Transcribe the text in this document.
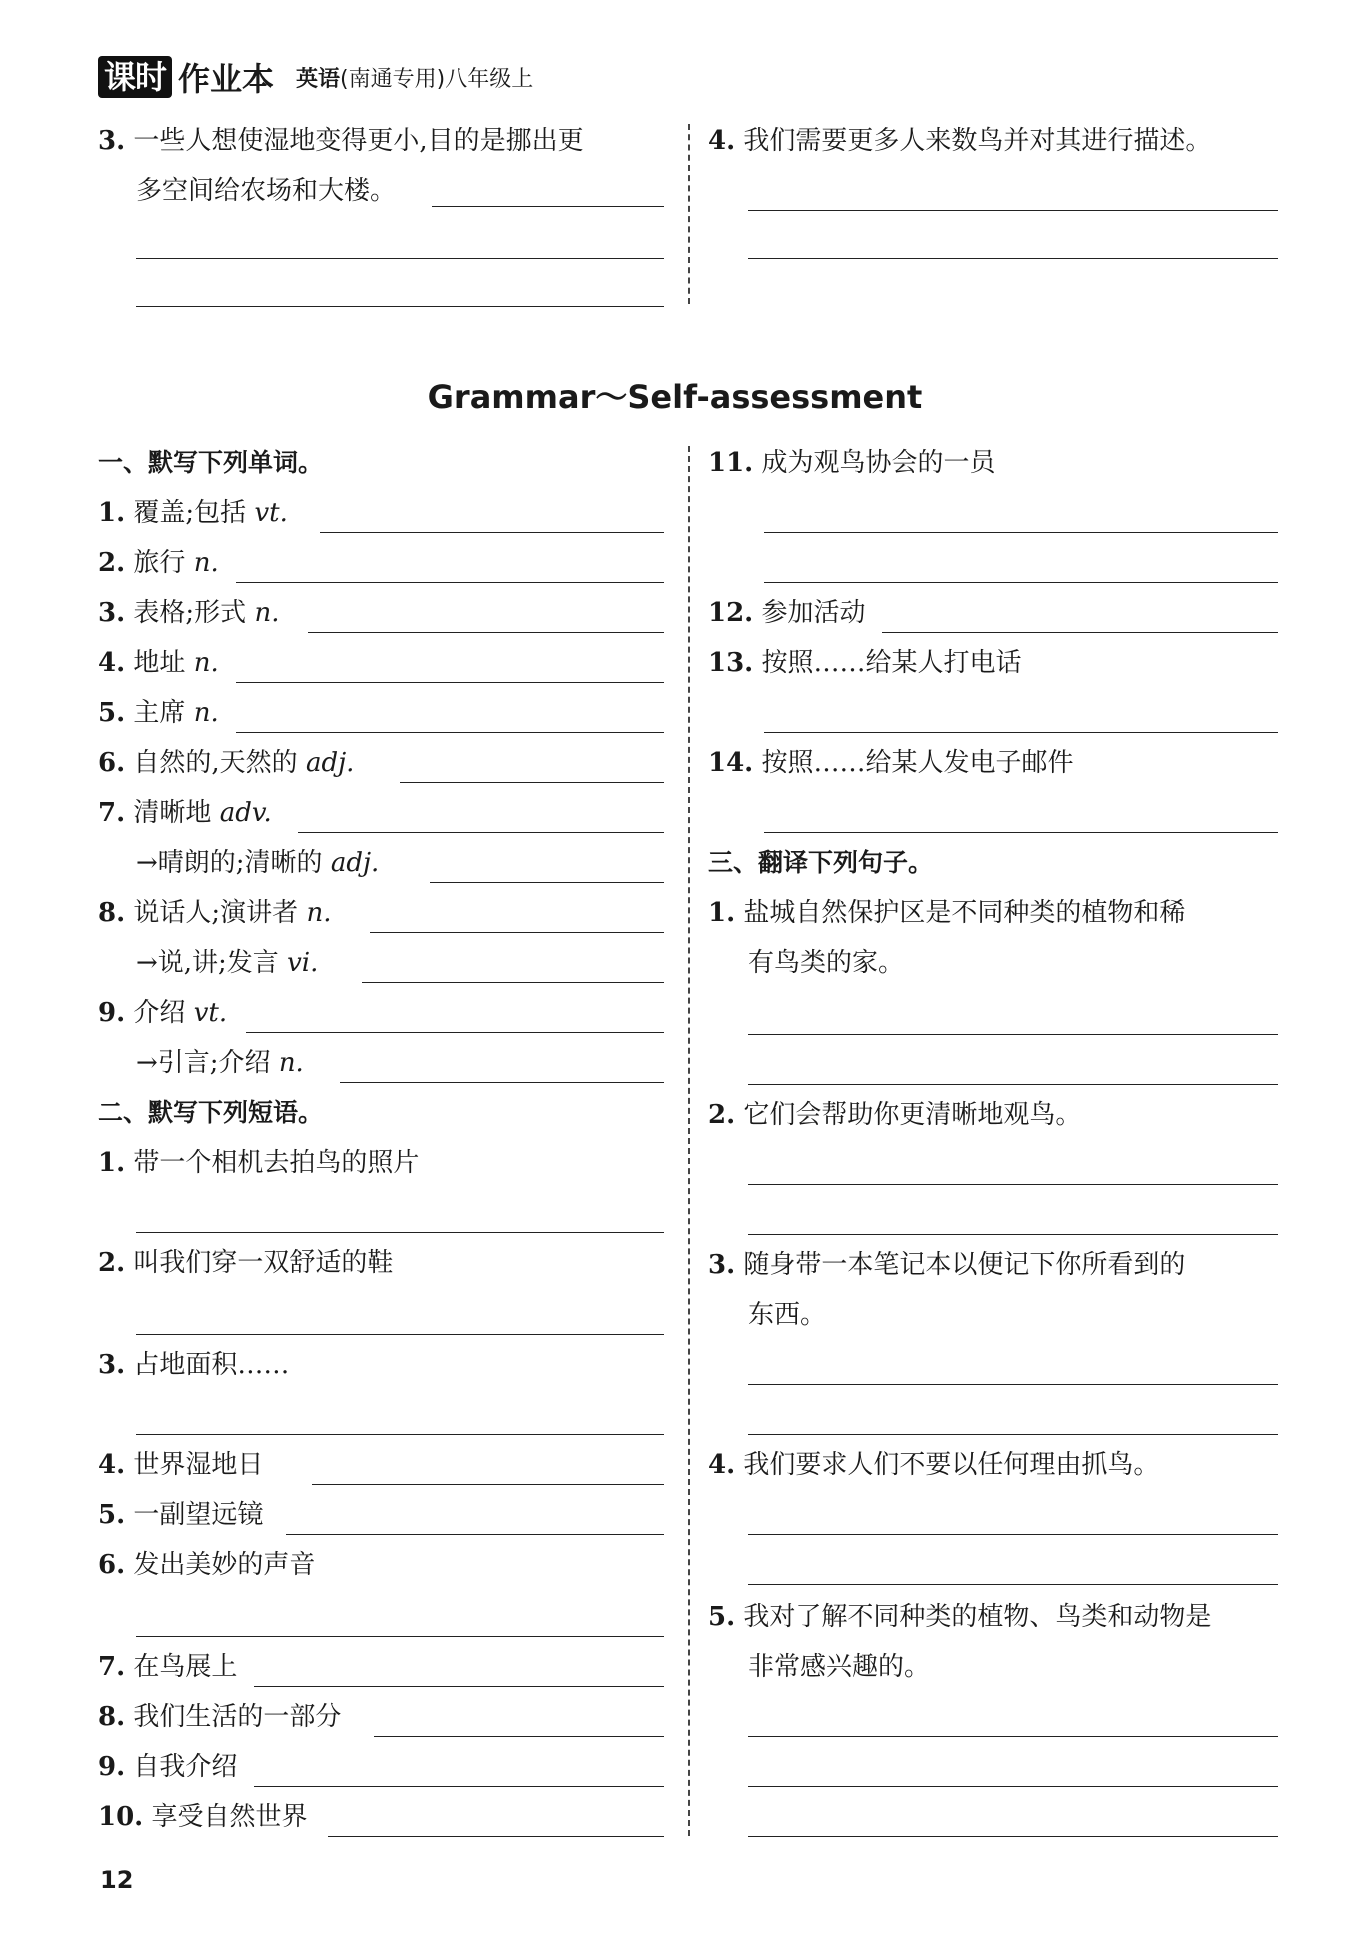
课时 作业本 英语(南通专用)八年级上
3. 一些人想使湿地变得更小,目的是挪出更
多空间给农场和大楼。
4. 我们需要更多人来数鸟并对其进行描述。
Grammar～Self-assessment
一、默写下列单词。
1. 覆盖;包括 vt.
2. 旅行 n.
3. 表格;形式 n.
4. 地址 n.
5. 主席 n.
6. 自然的,天然的 adj.
7. 清晰地 adv.
→晴朗的;清晰的 adj.
8. 说话人;演讲者 n.
→说,讲;发言 vi.
9. 介绍 vt.
→引言;介绍 n.
二、默写下列短语。
1. 带一个相机去拍鸟的照片
2. 叫我们穿一双舒适的鞋
3. 占地面积……
4. 世界湿地日
5. 一副望远镜
6. 发出美妙的声音
7. 在鸟展上
8. 我们生活的一部分
9. 自我介绍
10. 享受自然世界
11. 成为观鸟协会的一员
12. 参加活动
13. 按照……给某人打电话
14. 按照……给某人发电子邮件
三、翻译下列句子。
1. 盐城自然保护区是不同种类的植物和稀
有鸟类的家。
2. 它们会帮助你更清晰地观鸟。
3. 随身带一本笔记本以便记下你所看到的
东西。
4. 我们要求人们不要以任何理由抓鸟。
5. 我对了解不同种类的植物、鸟类和动物是
非常感兴趣的。
12
